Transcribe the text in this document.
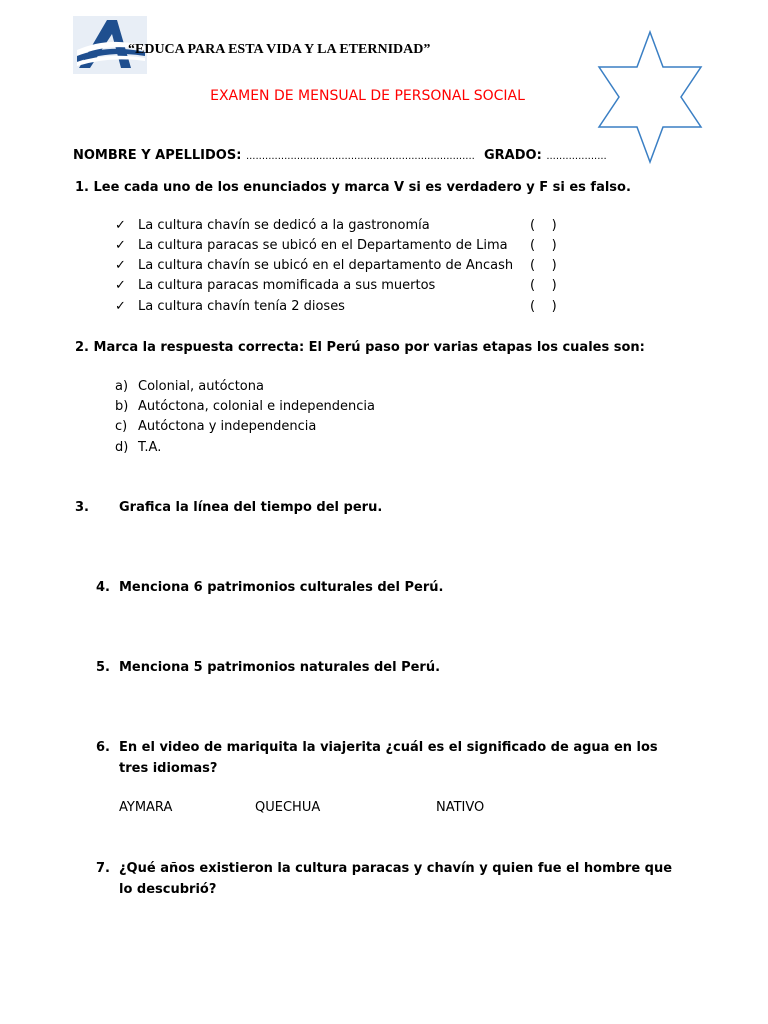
“EDUCA PARA ESTA VIDA Y LA ETERNIDAD”
EXAMEN DE MENSUAL DE PERSONAL SOCIAL
NOMBRE Y APELLIDOS: ........................................................................ GRADO: ...................
1. Lee cada uno de los enunciados y marca V si es verdadero y F si es falso.
✓ La cultura chavín se dedicó a la gastronomía
✓ La cultura paracas se ubicó en el Departamento de Lima
✓ La cultura chavín se ubicó en el departamento de Ancash
✓ La cultura paracas momificada a sus muertos
✓ La cultura chavín tenía 2 dioses
(    )
(    )
(    )
(    )
(    )
2. Marca la respuesta correcta: El Perú paso por varias etapas los cuales son:
a) Colonial, autóctona
b) Autóctona, colonial e independencia
c) Autóctona y independencia
d) T.A.
3. Grafica la línea del tiempo del peru.
4. Menciona 6 patrimonios culturales del Perú.
5. Menciona 5 patrimonios naturales del Perú.
6. En el video de mariquita la viajerita ¿cuál es el significado de agua en los
tres idiomas?
AYMARA	QUECHUA	NATIVO
7. ¿Qué años existieron la cultura paracas y chavín y quien fue el hombre que
lo descubrió?
